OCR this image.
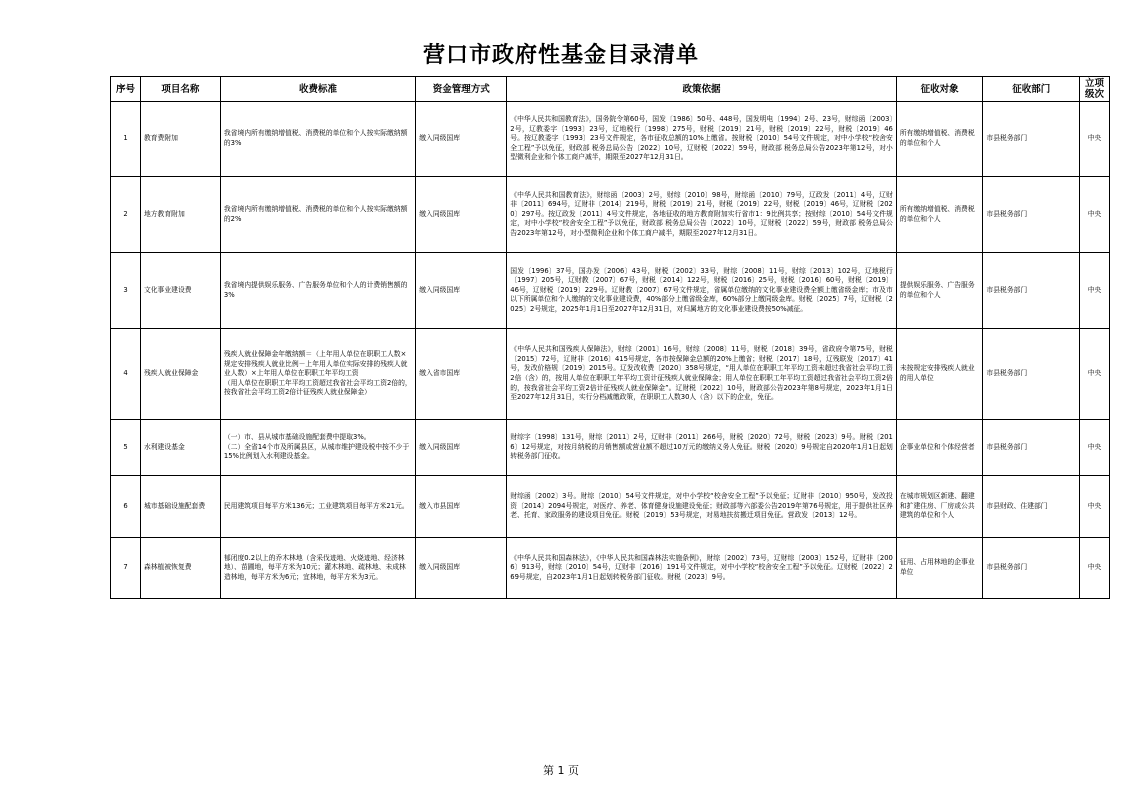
营口市政府性基金目录清单
序号	项目名称	收费标准	资金管理方式	政策依据	征收对象	征收部门	立项级次
1	教育费附加	我省境内所有缴纳增值税、消费税的单位和个人按实际缴纳额的3%	缴入同级国库	《中华人民共和国教育法》，国务院令第60号，国发〔1986〕50号、448号，国发明电〔1994〕2号、23号，财综函〔2003〕2号，辽教委字〔1993〕23号，辽地税行〔1998〕275号，财税〔2019〕21号，财税〔2019〕22号，财税〔2019〕46号。按辽教委字〔1993〕23号文件规定，各市征收总额的10%上缴省。按财税〔2010〕54号文件规定，对中小学校“校舍安全工程”予以免征，财政部 税务总局公告〔2022〕10号，辽财税〔2022〕59号，财政部 税务总局公告2023年第12号，对小型微利企业和个体工商户减半，期限至2027年12月31日。	所有缴纳增值税、消费税的单位和个人	市县税务部门	中央
2	地方教育附加	我省境内所有缴纳增值税、消费税的单位和个人按实际缴纳额的2%	缴入同级国库	《中华人民共和国教育法》，财综函〔2003〕2号，财综〔2010〕98号，财综函〔2010〕79号，辽政发〔2011〕4号，辽财非〔2011〕694号，辽财非〔2014〕219号，财税〔2019〕21号，财税〔2019〕22号，财税〔2019〕46号，辽财税〔2020〕297号。按辽政发〔2011〕4号文件规定，各地征收的地方教育附加实行省市1：9比例共享；按财综〔2010〕54号文件规定，对中小学校“校舍安全工程”予以免征，财政部 税务总局公告〔2022〕10号，辽财税〔2022〕59号，财政部 税务总局公告2023年第12号，对小型微利企业和个体工商户减半，期限至2027年12月31日。	所有缴纳增值税、消费税的单位和个人	市县税务部门	中央
3	文化事业建设费	我省境内提供娱乐服务、广告服务单位和个人的计费销售额的3%	缴入同级国库	国发〔1996〕37号，国办发〔2006〕43号，财税〔2002〕33号，财综〔2008〕11号，财综〔2013〕102号，辽地税行〔1997〕205号，辽财教〔2007〕67号，财税〔2014〕122号，财税〔2016〕25号，财税〔2016〕60号，财税〔2019〕46号，辽财税〔2019〕229号。辽财教〔2007〕67号文件规定，省属单位缴纳的文化事业建设费全额上缴省级金库；市及市以下所属单位和个人缴纳的文化事业建设费，40%部分上缴省级金库，60%部分上缴同级金库。财税〔2025〕7号，辽财税〔2025〕2号规定，2025年1月1日至2027年12月31日，对归属地方的文化事业建设费按50%减征。	提供娱乐服务、广告服务的单位和个人	市县税务部门	中央
4	残疾人就业保障金	残疾人就业保障金年缴纳额＝（上年用人单位在职职工人数×规定安排残疾人就业比例－上年用人单位实际安排的残疾人就业人数）×上年用人单位在职职工年平均工资
（用人单位在职职工年平均工资超过我省社会平均工资2倍的，按我省社会平均工资2倍计征残疾人就业保障金）	缴入省市国库	《中华人民共和国残疾人保障法》，财综〔2001〕16号，财综〔2008〕11号，财税〔2018〕39号，省政府令第75号，财税〔2015〕72号，辽财非〔2016〕415号规定，各市按保障金总额的20%上缴省；财税〔2017〕18号，辽残联发〔2017〕41号，发改价格规〔2019〕2015号。辽发改收费〔2020〕358号规定，“用人单位在职职工年平均工资未超过我省社会平均工资2倍（含）的，按用人单位在职职工年平均工资计征残疾人就业保障金；用人单位在职职工年平均工资超过我省社会平均工资2倍的，按我省社会平均工资2倍计征残疾人就业保障金”。辽财税〔2022〕10号，财政部公告2023年第8号规定，2023年1月1日至2027年12月31日，实行分档减缴政策，在职职工人数30人（含）以下的企业，免征。	未按规定安排残疾人就业的用人单位	市县税务部门	中央
5	水利建设基金	（一）市、县从城市基础设施配套费中提取3%。
（二）全省14个市及所属县区，从城市维护建设税中按不少于15%比例划入水利建设基金。	缴入同级国库	财综字〔1998〕131号，财综〔2011〕2号，辽财非〔2011〕266号，财税〔2020〕72号，财税〔2023〕9号。财税〔2016〕12号规定，对按月纳税的月销售额或营业额不超过10万元的缴纳义务人免征。财税〔2020〕9号规定自2020年1月1日起划转税务部门征收。	企事业单位和个体经营者	市县税务部门	中央
6	城市基础设施配套费	民用建筑项目每平方米136元；工业建筑项目每平方米21元。	缴入市县国库	财综函〔2002〕3号。财综〔2010〕54号文件规定，对中小学校“校舍安全工程”予以免征；辽财非〔2010〕950号，发改投资〔2014〕2094号规定，对医疗、养老、体育健身设施建设免征；财政部等六部委公告2019年第76号规定，用于提供社区养老、托育、家政服务的建设项目免征。财税〔2019〕53号规定，对易地扶贫搬迁项目免征。营政发〔2013〕12号。	在城市规划区新建、翻建和扩建住房、厂房或公共建筑的单位和个人	市县财政、住建部门	中央
7	森林植被恢复费	郁闭度0.2以上的乔木林地（含采伐迹地、火烧迹地、经济林地）、苗圃地，每平方米为10元；灌木林地、疏林地、未成林造林地，每平方米为6元；宜林地，每平方米为3元。	缴入同级国库	《中华人民共和国森林法》，《中华人民共和国森林法实施条例》，财综〔2002〕73号，辽财综〔2003〕152号，辽财非〔2006〕913号，财综〔2010〕54号，辽财非〔2016〕191号文件规定，对中小学校“校舍安全工程”予以免征。辽财税〔2022〕269号规定，自2023年1月1日起划转税务部门征收。财税〔2023〕9号。	征用、占用林地的企事业单位	市县税务部门	中央
第 1 页
